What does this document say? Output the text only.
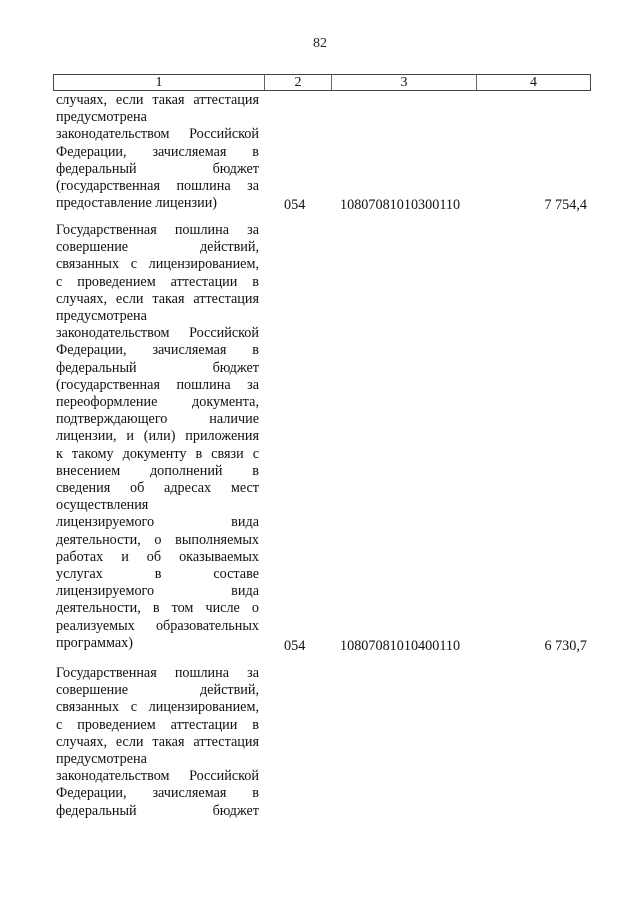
82
1	2	3	4
случаях, если такая аттестация
предусмотрена
законодательством Российской
Федерации, зачисляемая в
федеральный бюджет
(государственная пошлина за
предоставление лицензии)	054 10807081010300110	7 754,4
Государственная пошлина за
совершение действий,
связанных с лицензированием,
с проведением аттестации в
случаях, если такая аттестация
предусмотрена
законодательством Российской
Федерации, зачисляемая в
федеральный бюджет
(государственная пошлина за
переоформление документа,
подтверждающего наличие
лицензии, и (или) приложения
к такому документу в связи с
внесением дополнений в
сведения об адресах мест
осуществления
лицензируемого вида
деятельности, о выполняемых
работах и об оказываемых
услугах в составе
лицензируемого вида
деятельности, в том числе о
реализуемых образовательных
программах)	054 10807081010400110	6 730,7
Государственная пошлина за
совершение действий,
связанных с лицензированием,
с проведением аттестации в
случаях, если такая аттестация
предусмотрена
законодательством Российской
Федерации, зачисляемая в
федеральный бюджет
